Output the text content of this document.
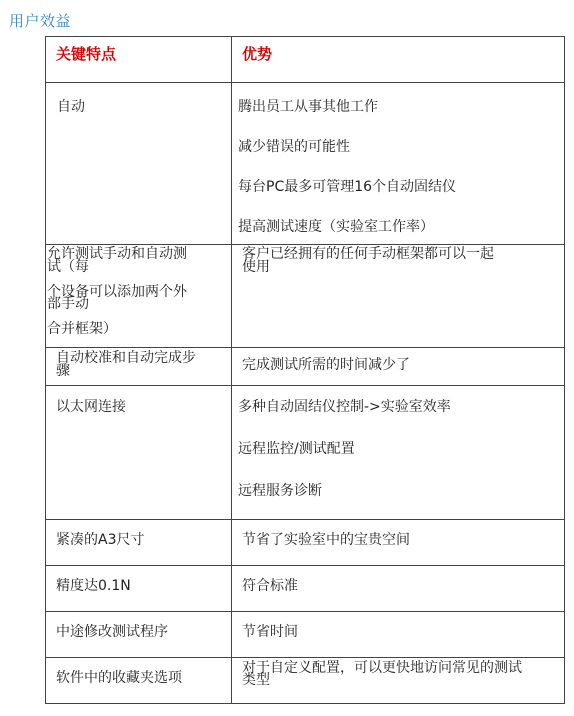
用户效益
关键特点	优势

自动	腾出员工从事其他工作
减少错误的可能性
每台PC最多可管理16个自动固结仪
提高测试速度（实验室工作率）

允许测试手动和自动测
试（每
个设备可以添加两个外
部手动
合并框架）	客户已经拥有的任何手动框架都可以一起
使用

自动校准和自动完成步
骤	完成测试所需的时间减少了

以太网连接	多种自动固结仪控制->实验室效率
远程监控/测试配置
远程服务诊断

紧凑的A3尺寸	节省了实验室中的宝贵空间

精度达0.1N	符合标准

中途修改测试程序	节省时间

软件中的收藏夹选项	对于自定义配置，可以更快地访问常见的测试
类型
